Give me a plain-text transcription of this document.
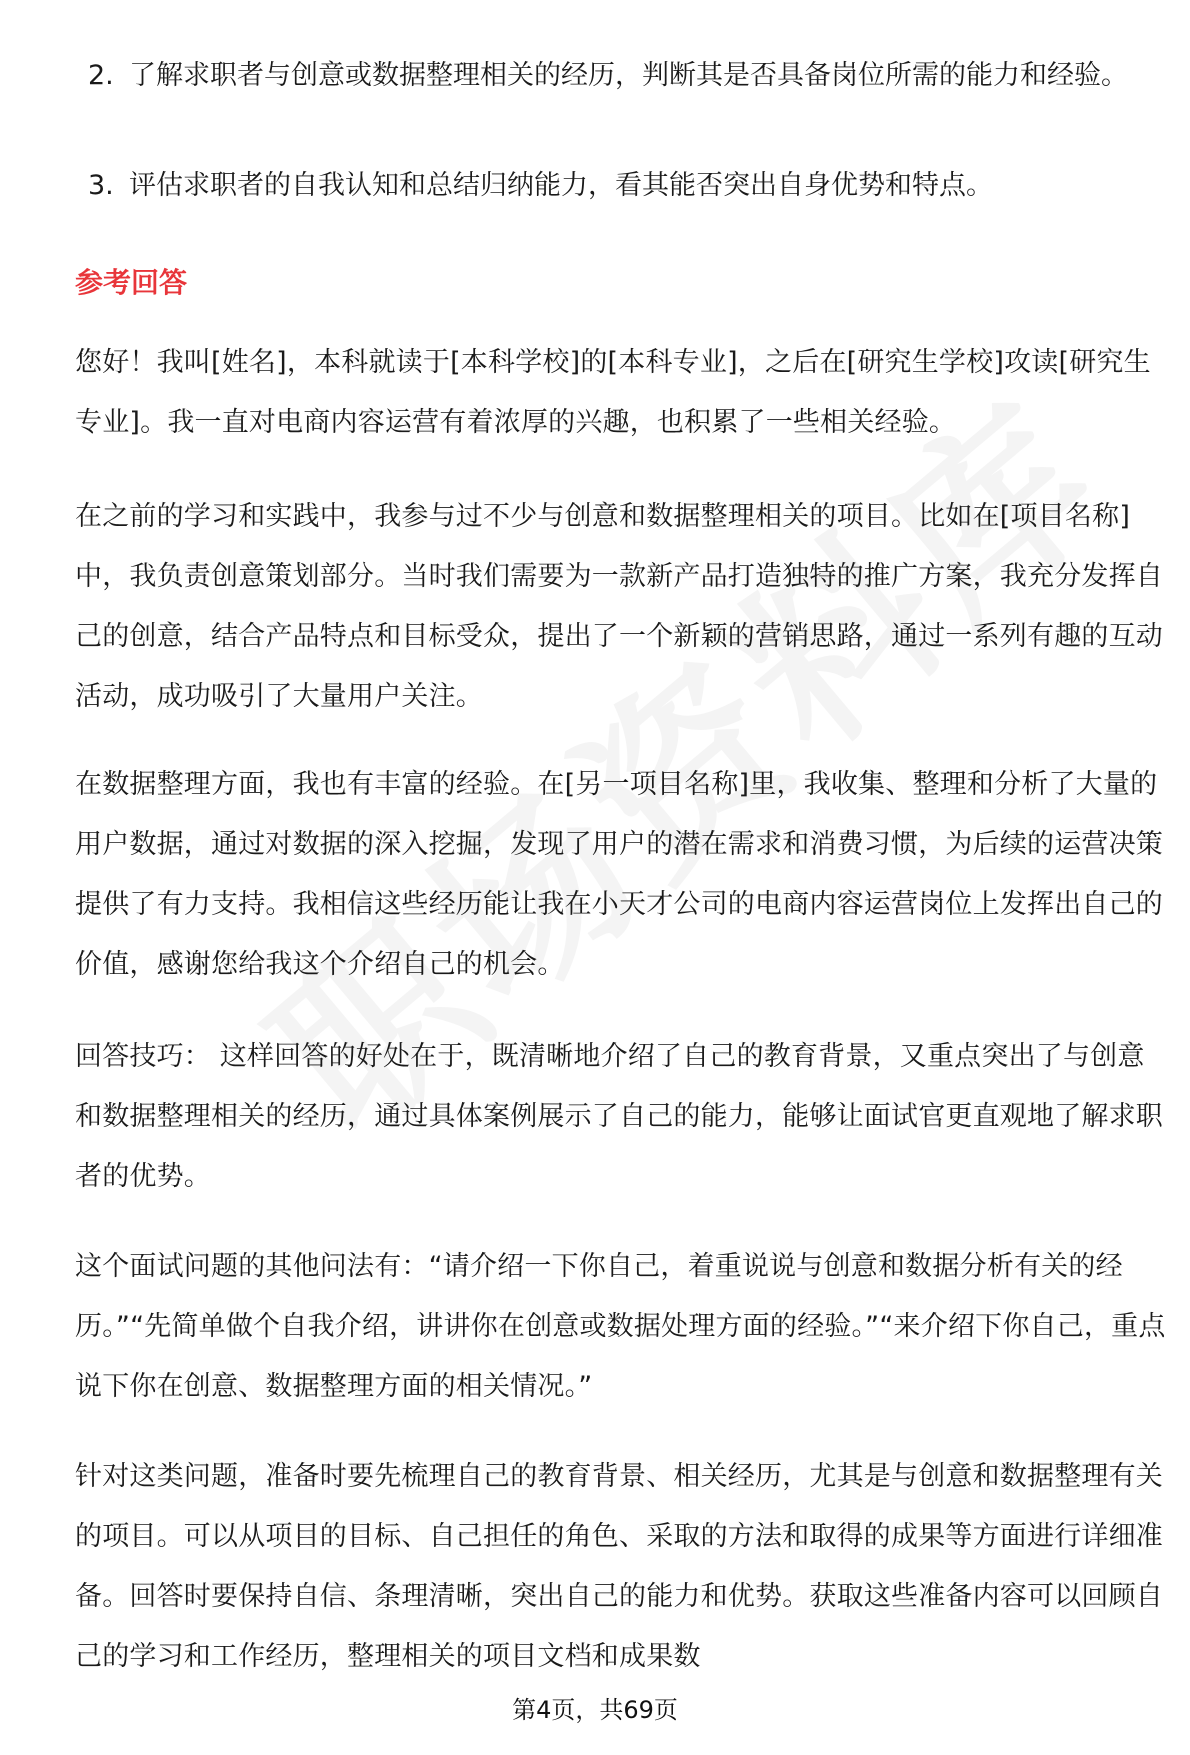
2. 了解求职者与创意或数据整理相关的经历，判断其是否具备岗位所需的能力和经验。
3. 评估求职者的自我认知和总结归纳能力，看其能否突出自身优势和特点。
参考回答
您好！我叫[姓名]，本科就读于[本科学校]的[本科专业]，之后在[研究生学校]攻读[研究生专业]。我一直对电商内容运营有着浓厚的兴趣，也积累了一些相关经验。
在之前的学习和实践中，我参与过不少与创意和数据整理相关的项目。比如在[项目名称]中，我负责创意策划部分。当时我们需要为一款新产品打造独特的推广方案，我充分发挥自己的创意，结合产品特点和目标受众，提出了一个新颖的营销思路，通过一系列有趣的互动活动，成功吸引了大量用户关注。
在数据整理方面，我也有丰富的经验。在[另一项目名称]里，我收集、整理和分析了大量的用户数据，通过对数据的深入挖掘，发现了用户的潜在需求和消费习惯，为后续的运营决策提供了有力支持。我相信这些经历能让我在小天才公司的电商内容运营岗位上发挥出自己的价值，感谢您给我这个介绍自己的机会。
回答技巧： 这样回答的好处在于，既清晰地介绍了自己的教育背景，又重点突出了与创意和数据整理相关的经历，通过具体案例展示了自己的能力，能够让面试官更直观地了解求职者的优势。
这个面试问题的其他问法有：“请介绍一下你自己，着重说说与创意和数据分析有关的经历。”“先简单做个自我介绍，讲讲你在创意或数据处理方面的经验。”“来介绍下你自己，重点说下你在创意、数据整理方面的相关情况。”
针对这类问题，准备时要先梳理自己的教育背景、相关经历，尤其是与创意和数据整理有关的项目。可以从项目的目标、自己担任的角色、采取的方法和取得的成果等方面进行详细准备。回答时要保持自信、条理清晰，突出自己的能力和优势。获取这些准备内容可以回顾自己的学习和工作经历，整理相关的项目文档和成果数
第4页，共69页
